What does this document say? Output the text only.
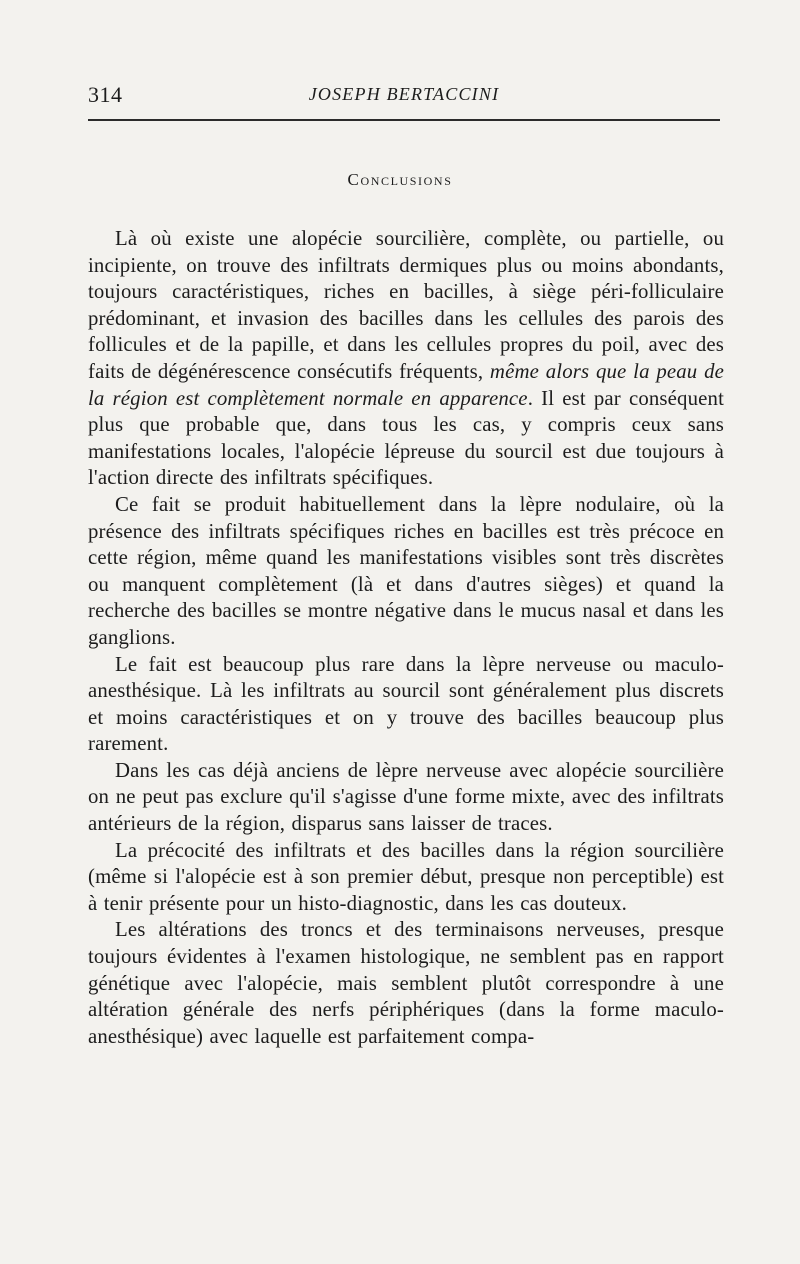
314	JOSEPH BERTACCINI
Conclusions

Là où existe une alopécie sourcilière, complète, ou partielle, ou incipiente, on trouve des infiltrats dermiques plus ou moins abondants, toujours caractéristiques, riches en bacilles, à siège péri-folliculaire prédominant, et invasion des bacilles dans les cellules des parois des follicules et de la papille, et dans les cellules propres du poil, avec des faits de dégénérescence consécutifs fréquents, même alors que la peau de la région est complètement normale en apparence. Il est par conséquent plus que probable que, dans tous les cas, y compris ceux sans manifestations locales, l'alopécie lépreuse du sourcil est due toujours à l'action directe des infiltrats spécifiques.

Ce fait se produit habituellement dans la lèpre nodulaire, où la présence des infiltrats spécifiques riches en bacilles est très précoce en cette région, même quand les manifestations visibles sont très discrètes ou manquent complètement (là et dans d'autres sièges) et quand la recherche des bacilles se montre négative dans le mucus nasal et dans les ganglions.

Le fait est beaucoup plus rare dans la lèpre nerveuse ou maculo-anesthésique. Là les infiltrats au sourcil sont généralement plus discrets et moins caractéristiques et on y trouve des bacilles beaucoup plus rarement.

Dans les cas déjà anciens de lèpre nerveuse avec alopécie sourcilière on ne peut pas exclure qu'il s'agisse d'une forme mixte, avec des infiltrats antérieurs de la région, disparus sans laisser de traces.

La précocité des infiltrats et des bacilles dans la région sourcilière (même si l'alopécie est à son premier début, presque non perceptible) est à tenir présente pour un histo-diagnostic, dans les cas douteux.

Les altérations des troncs et des terminaisons nerveuses, presque toujours évidentes à l'examen histologique, ne semblent pas en rapport génétique avec l'alopécie, mais semblent plutôt correspondre à une altération générale des nerfs périphériques (dans la forme maculo-anesthésique) avec laquelle est parfaitement compa-
